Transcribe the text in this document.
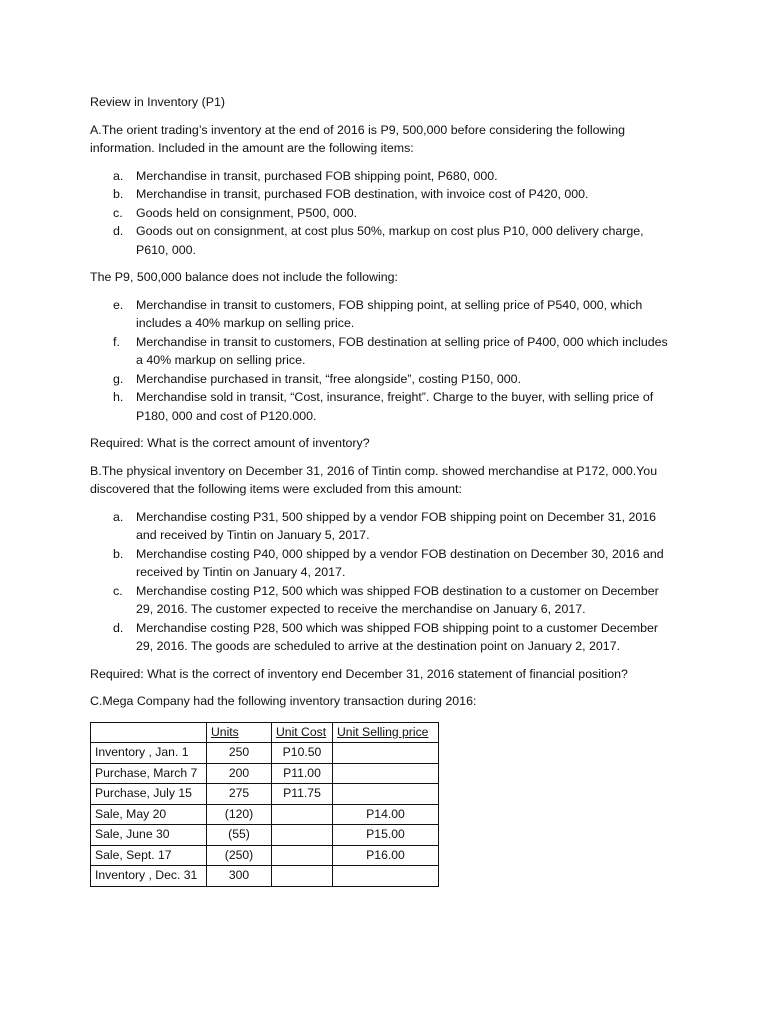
Review in Inventory (P1)

A.The orient trading’s inventory at the end of 2016 is P9, 500,000 before considering the following information. Included in the amount are the following items:

a.	Merchandise in transit, purchased FOB shipping point, P680, 000.
b.	Merchandise in transit, purchased FOB destination, with invoice cost of P420, 000.
c.	Goods held on consignment, P500, 000.
d.	Goods out on consignment, at cost plus 50%, markup on cost plus P10, 000 delivery charge, P610, 000.

The P9, 500,000 balance does not include the following:

e.	Merchandise in transit to customers, FOB shipping point, at selling price of P540, 000, which includes a 40% markup on selling price.
f.	Merchandise in transit to customers, FOB destination at selling price of P400, 000 which includes a 40% markup on selling price.
g.	Merchandise purchased in transit, “free alongside”, costing P150, 000.
h.	Merchandise sold in transit, “Cost, insurance, freight”. Charge to the buyer, with selling price of P180, 000 and cost of P120.000.

Required: What is the correct amount of inventory?

B.The physical inventory on December 31, 2016 of Tintin comp. showed merchandise at P172, 000.You discovered that the following items were excluded from this amount:

a.	Merchandise costing P31, 500 shipped by a vendor FOB shipping point on December 31, 2016 and received by Tintin on January 5, 2017.
b.	Merchandise costing P40, 000 shipped by a vendor FOB destination on December 30, 2016 and received by Tintin on January 4, 2017.
c.	Merchandise costing P12, 500 which was shipped FOB destination to a customer on December 29, 2016. The customer expected to receive the merchandise on January 6, 2017.
d.	Merchandise costing P28, 500 which was shipped FOB shipping point to a customer December 29, 2016. The goods are scheduled to arrive at the destination point on January 2, 2017.

Required: What is the correct of inventory end December 31, 2016 statement of financial position?

C.Mega Company had the following inventory transaction during 2016:

	Units	Unit Cost	Unit Selling price
Inventory , Jan. 1	250	P10.50	
Purchase, March 7	200	P11.00	
Purchase, July 15	275	P11.75	
Sale, May 20	(120)		P14.00
Sale, June 30	(55)		P15.00
Sale, Sept. 17	(250)		P16.00
Inventory , Dec. 31	300		
